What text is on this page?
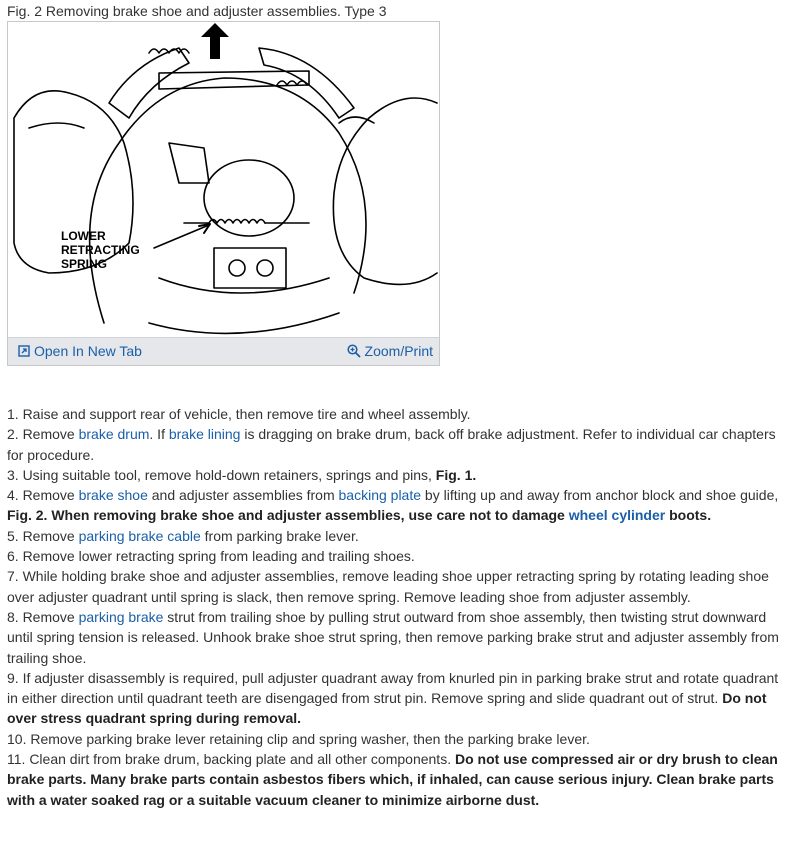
Fig. 2 Removing brake shoe and adjuster assemblies. Type 3
LOWER
RETRACTING
SPRING
Open In New Tab	Zoom/Print

1. Raise and support rear of vehicle, then remove tire and wheel assembly.

2. Remove brake drum. If brake lining is dragging on brake drum, back off brake adjustment. Refer to individual car chapters for procedure.

3. Using suitable tool, remove hold-down retainers, springs and pins, Fig. 1.

4. Remove brake shoe and adjuster assemblies from backing plate by lifting up and away from anchor block and shoe guide, Fig. 2. When removing brake shoe and adjuster assemblies, use care not to damage wheel cylinder boots.

5. Remove parking brake cable from parking brake lever.

6. Remove lower retracting spring from leading and trailing shoes.

7. While holding brake shoe and adjuster assemblies, remove leading shoe upper retracting spring by rotating leading shoe over adjuster quadrant until spring is slack, then remove spring. Remove leading shoe from adjuster assembly.

8. Remove parking brake strut from trailing shoe by pulling strut outward from shoe assembly, then twisting strut downward until spring tension is released. Unhook brake shoe strut spring, then remove parking brake strut and adjuster assembly from trailing shoe.

9. If adjuster disassembly is required, pull adjuster quadrant away from knurled pin in parking brake strut and rotate quadrant in either direction until quadrant teeth are disengaged from strut pin. Remove spring and slide quadrant out of strut. Do not over stress quadrant spring during removal.

10. Remove parking brake lever retaining clip and spring washer, then the parking brake lever.

11. Clean dirt from brake drum, backing plate and all other components. Do not use compressed air or dry brush to clean brake parts. Many brake parts contain asbestos fibers which, if inhaled, can cause serious injury. Clean brake parts with a water soaked rag or a suitable vacuum cleaner to minimize airborne dust.
